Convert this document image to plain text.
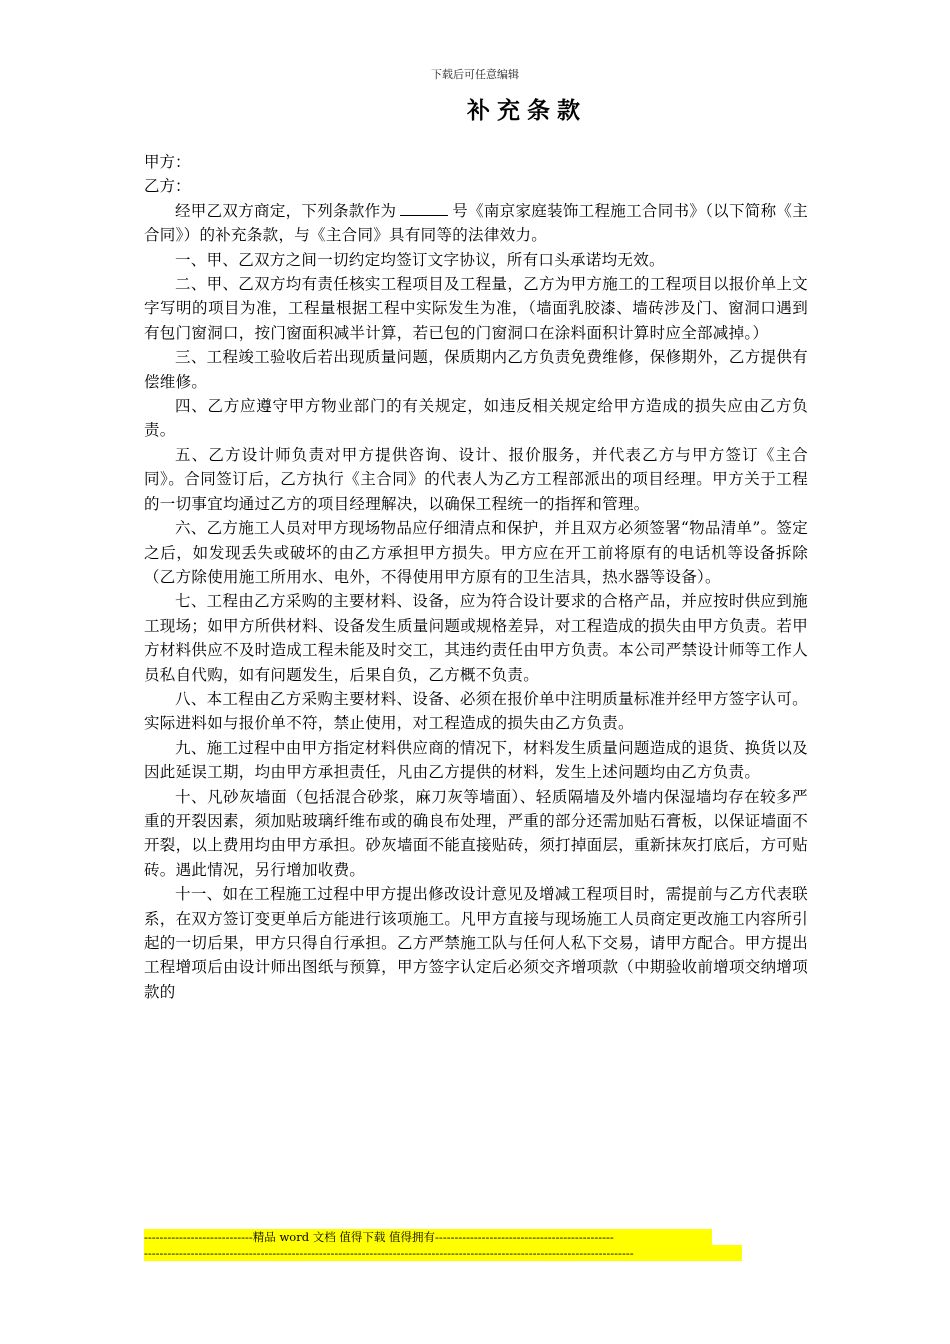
下载后可任意编辑
补充条款

甲方：

乙方：

经甲乙双方商定，下列条款作为	号《南京家庭装饰工程施工合同书》（以下简称《主合同》）的补充条款，与《主合同》具有同等的法律效力。

一、甲、乙双方之间一切约定均签订文字协议，所有口头承诺均无效。

二、甲、乙双方均有责任核实工程项目及工程量，乙方为甲方施工的工程项目以报价单上文字写明的项目为准，工程量根据工程中实际发生为准，（墙面乳胶漆、墙砖涉及门、窗洞口遇到有包门窗洞口，按门窗面积减半计算，若已包的门窗洞口在涂料面积计算时应全部减掉。）

三、工程竣工验收后若出现质量问题，保质期内乙方负责免费维修，保修期外，乙方提供有偿维修。

四、乙方应遵守甲方物业部门的有关规定，如违反相关规定给甲方造成的损失应由乙方负责。

五、乙方设计师负责对甲方提供咨询、设计、报价服务，并代表乙方与甲方签订《主合同》。合同签订后，乙方执行《主合同》的代表人为乙方工程部派出的项目经理。甲方关于工程的一切事宜均通过乙方的项目经理解决，以确保工程统一的指挥和管理。

六、乙方施工人员对甲方现场物品应仔细清点和保护，并且双方必须签署“物品清单”。签定之后，如发现丢失或破坏的由乙方承担甲方损失。甲方应在开工前将原有的电话机等设备拆除（乙方除使用施工所用水、电外，不得使用甲方原有的卫生洁具，热水器等设备）。

七、工程由乙方采购的主要材料、设备，应为符合设计要求的合格产品，并应按时供应到施工现场；如甲方所供材料、设备发生质量问题或规格差异，对工程造成的损失由甲方负责。若甲方材料供应不及时造成工程未能及时交工，其违约责任由甲方负责。本公司严禁设计师等工作人员私自代购，如有问题发生，后果自负，乙方概不负责。

八、本工程由乙方采购主要材料、设备、必须在报价单中注明质量标准并经甲方签字认可。实际进料如与报价单不符，禁止使用，对工程造成的损失由乙方负责。

九、施工过程中由甲方指定材料供应商的情况下，材料发生质量问题造成的退货、换货以及因此延误工期，均由甲方承担责任，凡由乙方提供的材料，发生上述问题均由乙方负责。

十、凡砂灰墙面（包括混合砂浆，麻刀灰等墙面）、轻质隔墙及外墙内保湿墙均存在较多严重的开裂因素，须加贴玻璃纤维布或的确良布处理，严重的部分还需加贴石膏板，以保证墙面不开裂，以上费用均由甲方承担。砂灰墙面不能直接贴砖，须打掉面层，重新抹灰打底后，方可贴砖。遇此情况，另行增加收费。

十一、如在工程施工过程中甲方提出修改设计意见及增减工程项目时，需提前与乙方代表联系，在双方签订变更单后方能进行该项施工。凡甲方直接与现场施工人员商定更改施工内容所引起的一切后果，甲方只得自行承担。乙方严禁施工队与任何人私下交易，请甲方配合。甲方提出工程增项后由设计师出图纸与预算，甲方签字认定后必须交齐增项款（中期验收前增项交纳增项款的

----------------------------精品 word 文档 值得下载 值得拥有----------------------------------------------
------------------------------------------------------------------------------------------------------------------------------
